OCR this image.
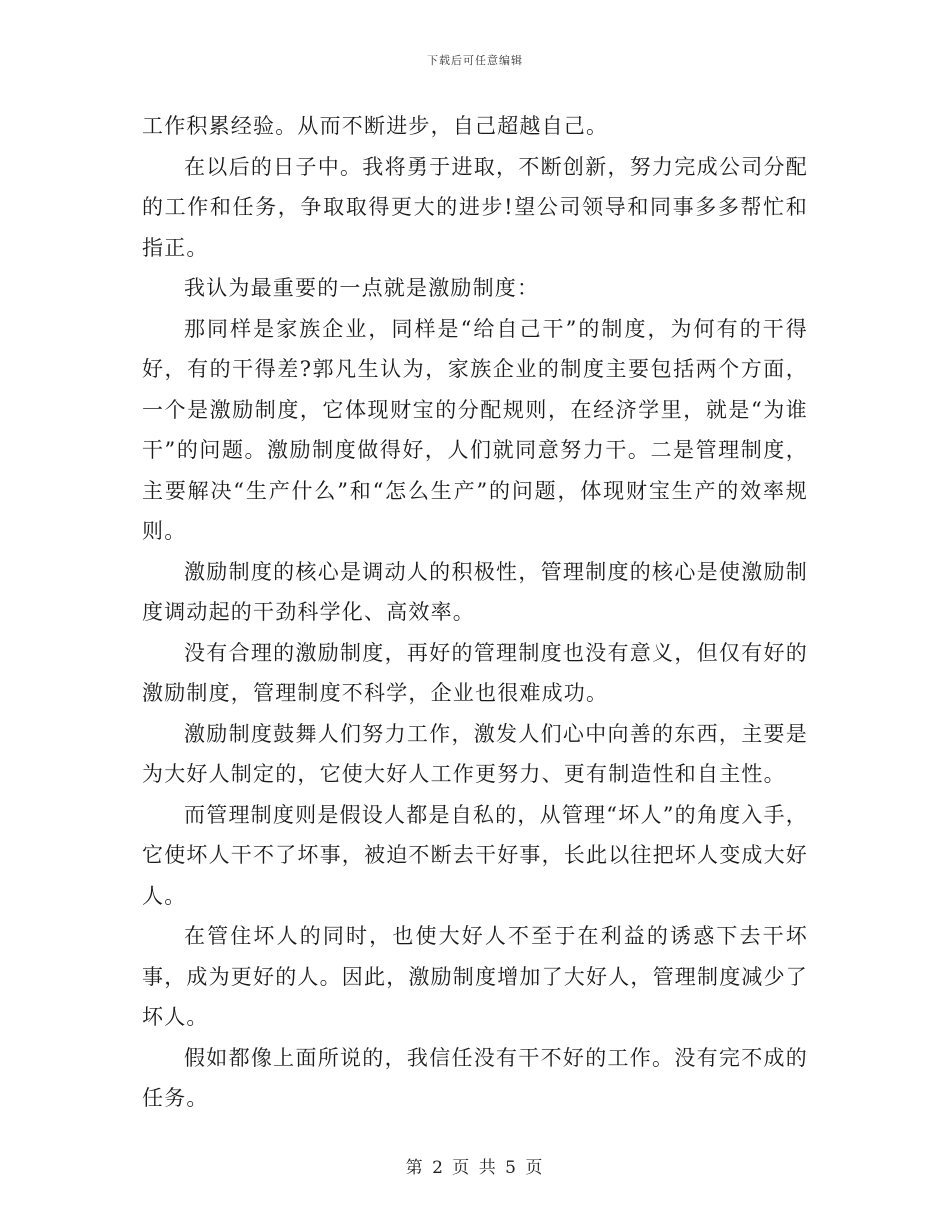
下载后可任意编辑

工作积累经验。从而不断进步，自己超越自己。

在以后的日子中。我将勇于进取，不断创新，努力完成公司分配的工作和任务，争取取得更大的进步!望公司领导和同事多多帮忙和指正。

我认为最重要的一点就是激励制度：

那同样是家族企业，同样是“给自己干”的制度，为何有的干得好，有的干得差?郭凡生认为，家族企业的制度主要包括两个方面，一个是激励制度，它体现财宝的分配规则，在经济学里，就是“为谁干”的问题。激励制度做得好，人们就同意努力干。二是管理制度，主要解决“生产什么”和“怎么生产”的问题，体现财宝生产的效率规则。

激励制度的核心是调动人的积极性，管理制度的核心是使激励制度调动起的干劲科学化、高效率。

没有合理的激励制度，再好的管理制度也没有意义，但仅有好的激励制度，管理制度不科学，企业也很难成功。

激励制度鼓舞人们努力工作，激发人们心中向善的东西，主要是为大好人制定的，它使大好人工作更努力、更有制造性和自主性。

而管理制度则是假设人都是自私的，从管理“坏人”的角度入手，它使坏人干不了坏事，被迫不断去干好事，长此以往把坏人变成大好人。

在管住坏人的同时，也使大好人不至于在利益的诱惑下去干坏事，成为更好的人。因此，激励制度增加了大好人，管理制度减少了坏人。

假如都像上面所说的，我信任没有干不好的工作。没有完不成的任务。

第 2 页 共 5 页
